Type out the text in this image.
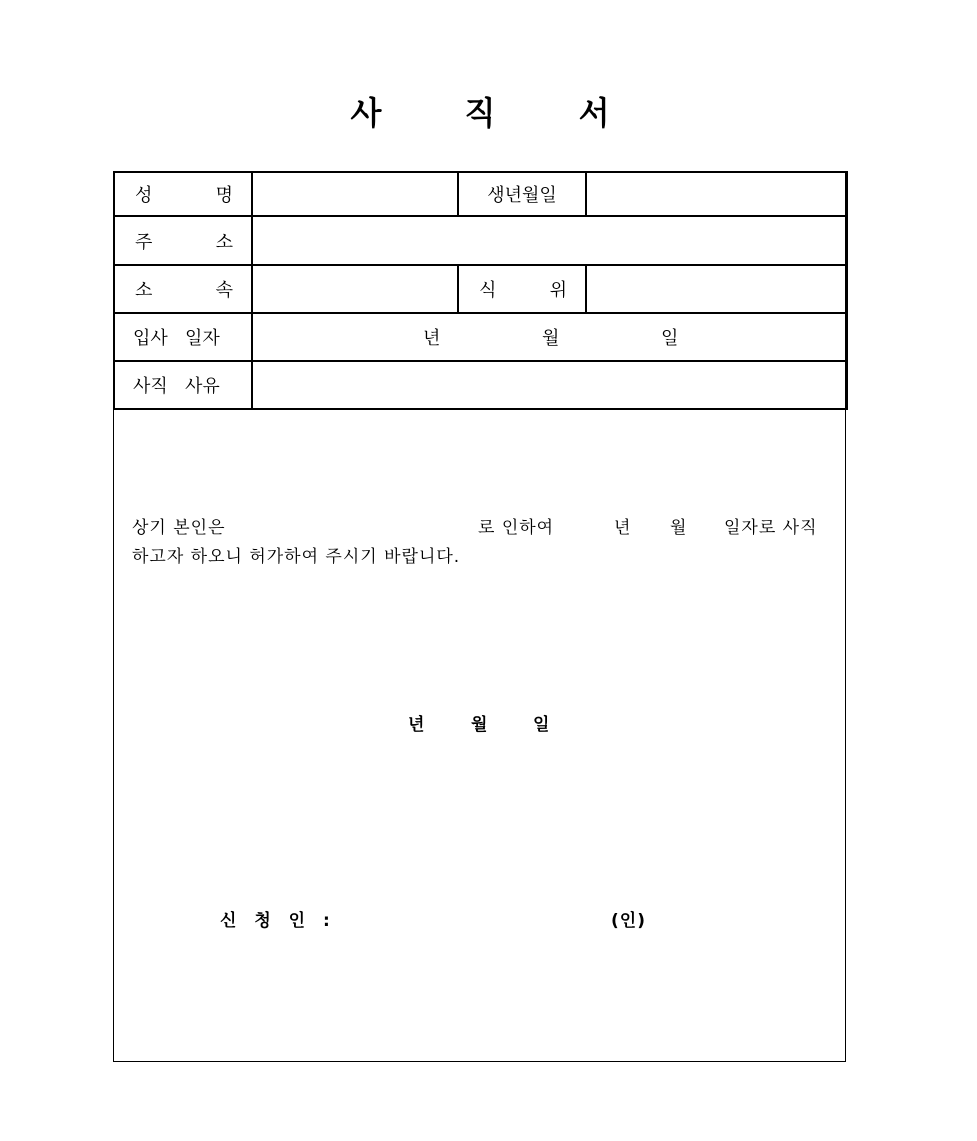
사 직 서
성 명		생년월일	

주 소			

소 속		식 위	

입사 일자	년 월 일		

사직 사유			

상기 본인은	로 인하여	년 월 일자로 사직
하고자 하오니 허가하여 주시기 바랍니다.
년	월	일
신 청 인 :	(인)
